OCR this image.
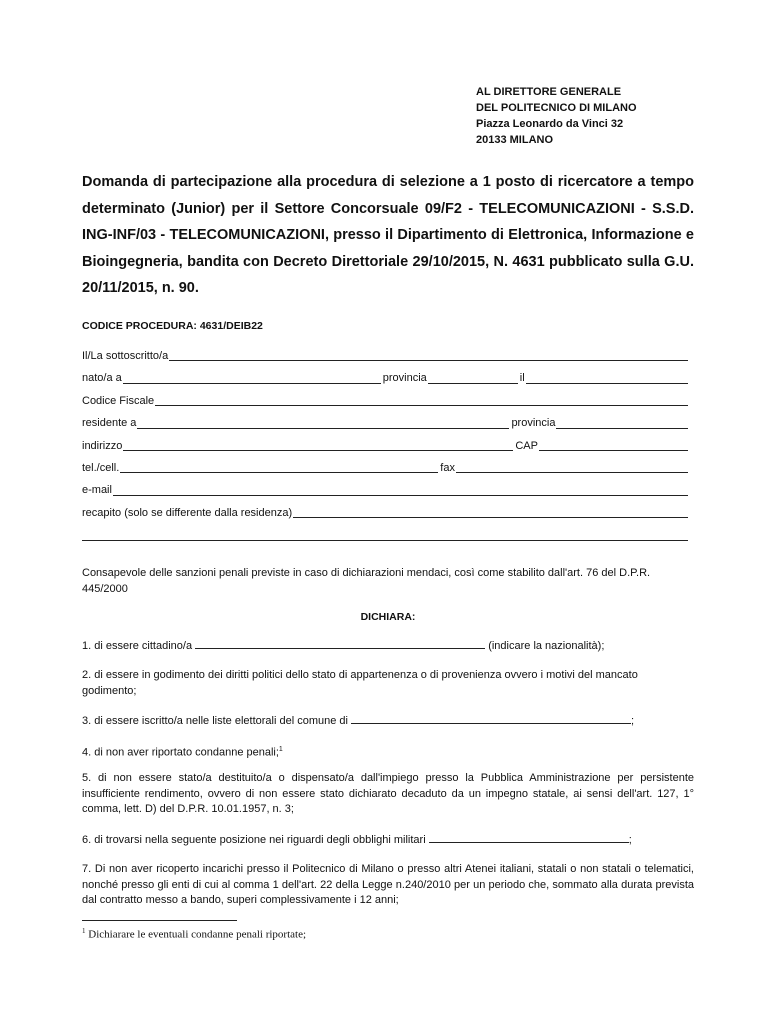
AL DIRETTORE GENERALE
DEL POLITECNICO DI MILANO
Piazza Leonardo da Vinci 32
20133 MILANO
Domanda di partecipazione alla procedura di selezione a 1 posto di ricercatore a tempo determinato (Junior) per il Settore Concorsuale 09/F2 - TELECOMUNICAZIONI - S.S.D. ING-INF/03 - TELECOMUNICAZIONI, presso il Dipartimento di Elettronica, Informazione e Bioingegneria, bandita con Decreto Direttoriale 29/10/2015, N. 4631 pubblicato sulla G.U. 20/11/2015, n. 90.
CODICE PROCEDURA: 4631/DEIB22
Il/La sottoscritto/a
nato/a a	provincia	il
Codice Fiscale
residente a	provincia
indirizzo	CAP
tel./cell.	fax
e-mail
recapito (solo se differente dalla residenza)
Consapevole delle sanzioni penali previste in caso di dichiarazioni mendaci, così come stabilito dall'art. 76 del D.P.R. 445/2000
DICHIARA:
1. di essere cittadino/a	(indicare la nazionalità);
2. di essere in godimento dei diritti politici dello stato di appartenenza o di provenienza ovvero i motivi del mancato godimento;
3. di essere iscritto/a nelle liste elettorali del comune di	;
4. di non aver riportato condanne penali;$^1$
5. di non essere stato/a destituito/a o dispensato/a dall'impiego presso la Pubblica Amministrazione per persistente insufficiente rendimento, ovvero di non essere stato dichiarato decaduto da un impegno statale, ai sensi dell'art. 127, 1° comma, lett. D) del D.P.R. 10.01.1957, n. 3;
6. di trovarsi nella seguente posizione nei riguardi degli obblighi militari	;
7. Di non aver ricoperto incarichi presso il Politecnico di Milano o presso altri Atenei italiani, statali o non statali o telematici, nonché presso gli enti di cui al comma 1 dell'art. 22 della Legge n.240/2010 per un periodo che, sommato alla durata prevista dal contratto messo a bando, superi complessivamente i 12 anni;
$^1$ Dichiarare le eventuali condanne penali riportate;
